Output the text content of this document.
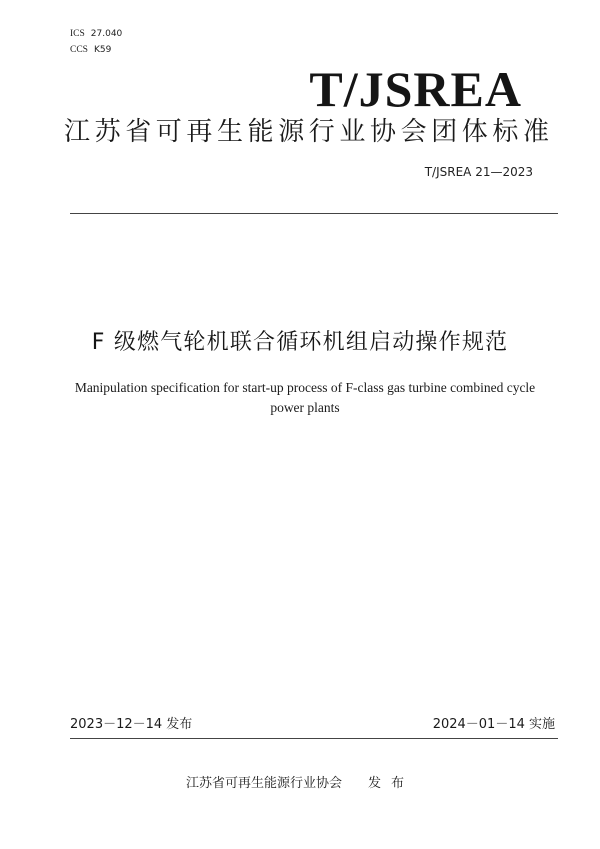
ICS 27.040
CCS K59
T/JSREA
江苏省可再生能源行业协会团体标准
T/JSREA 21—2023
F 级燃气轮机联合循环机组启动操作规范
Manipulation specification for start-up process of F-class gas turbine combined cycle power plants
2023－12－14 发布	2024－01－14 实施
江苏省可再生能源行业协会 发布
